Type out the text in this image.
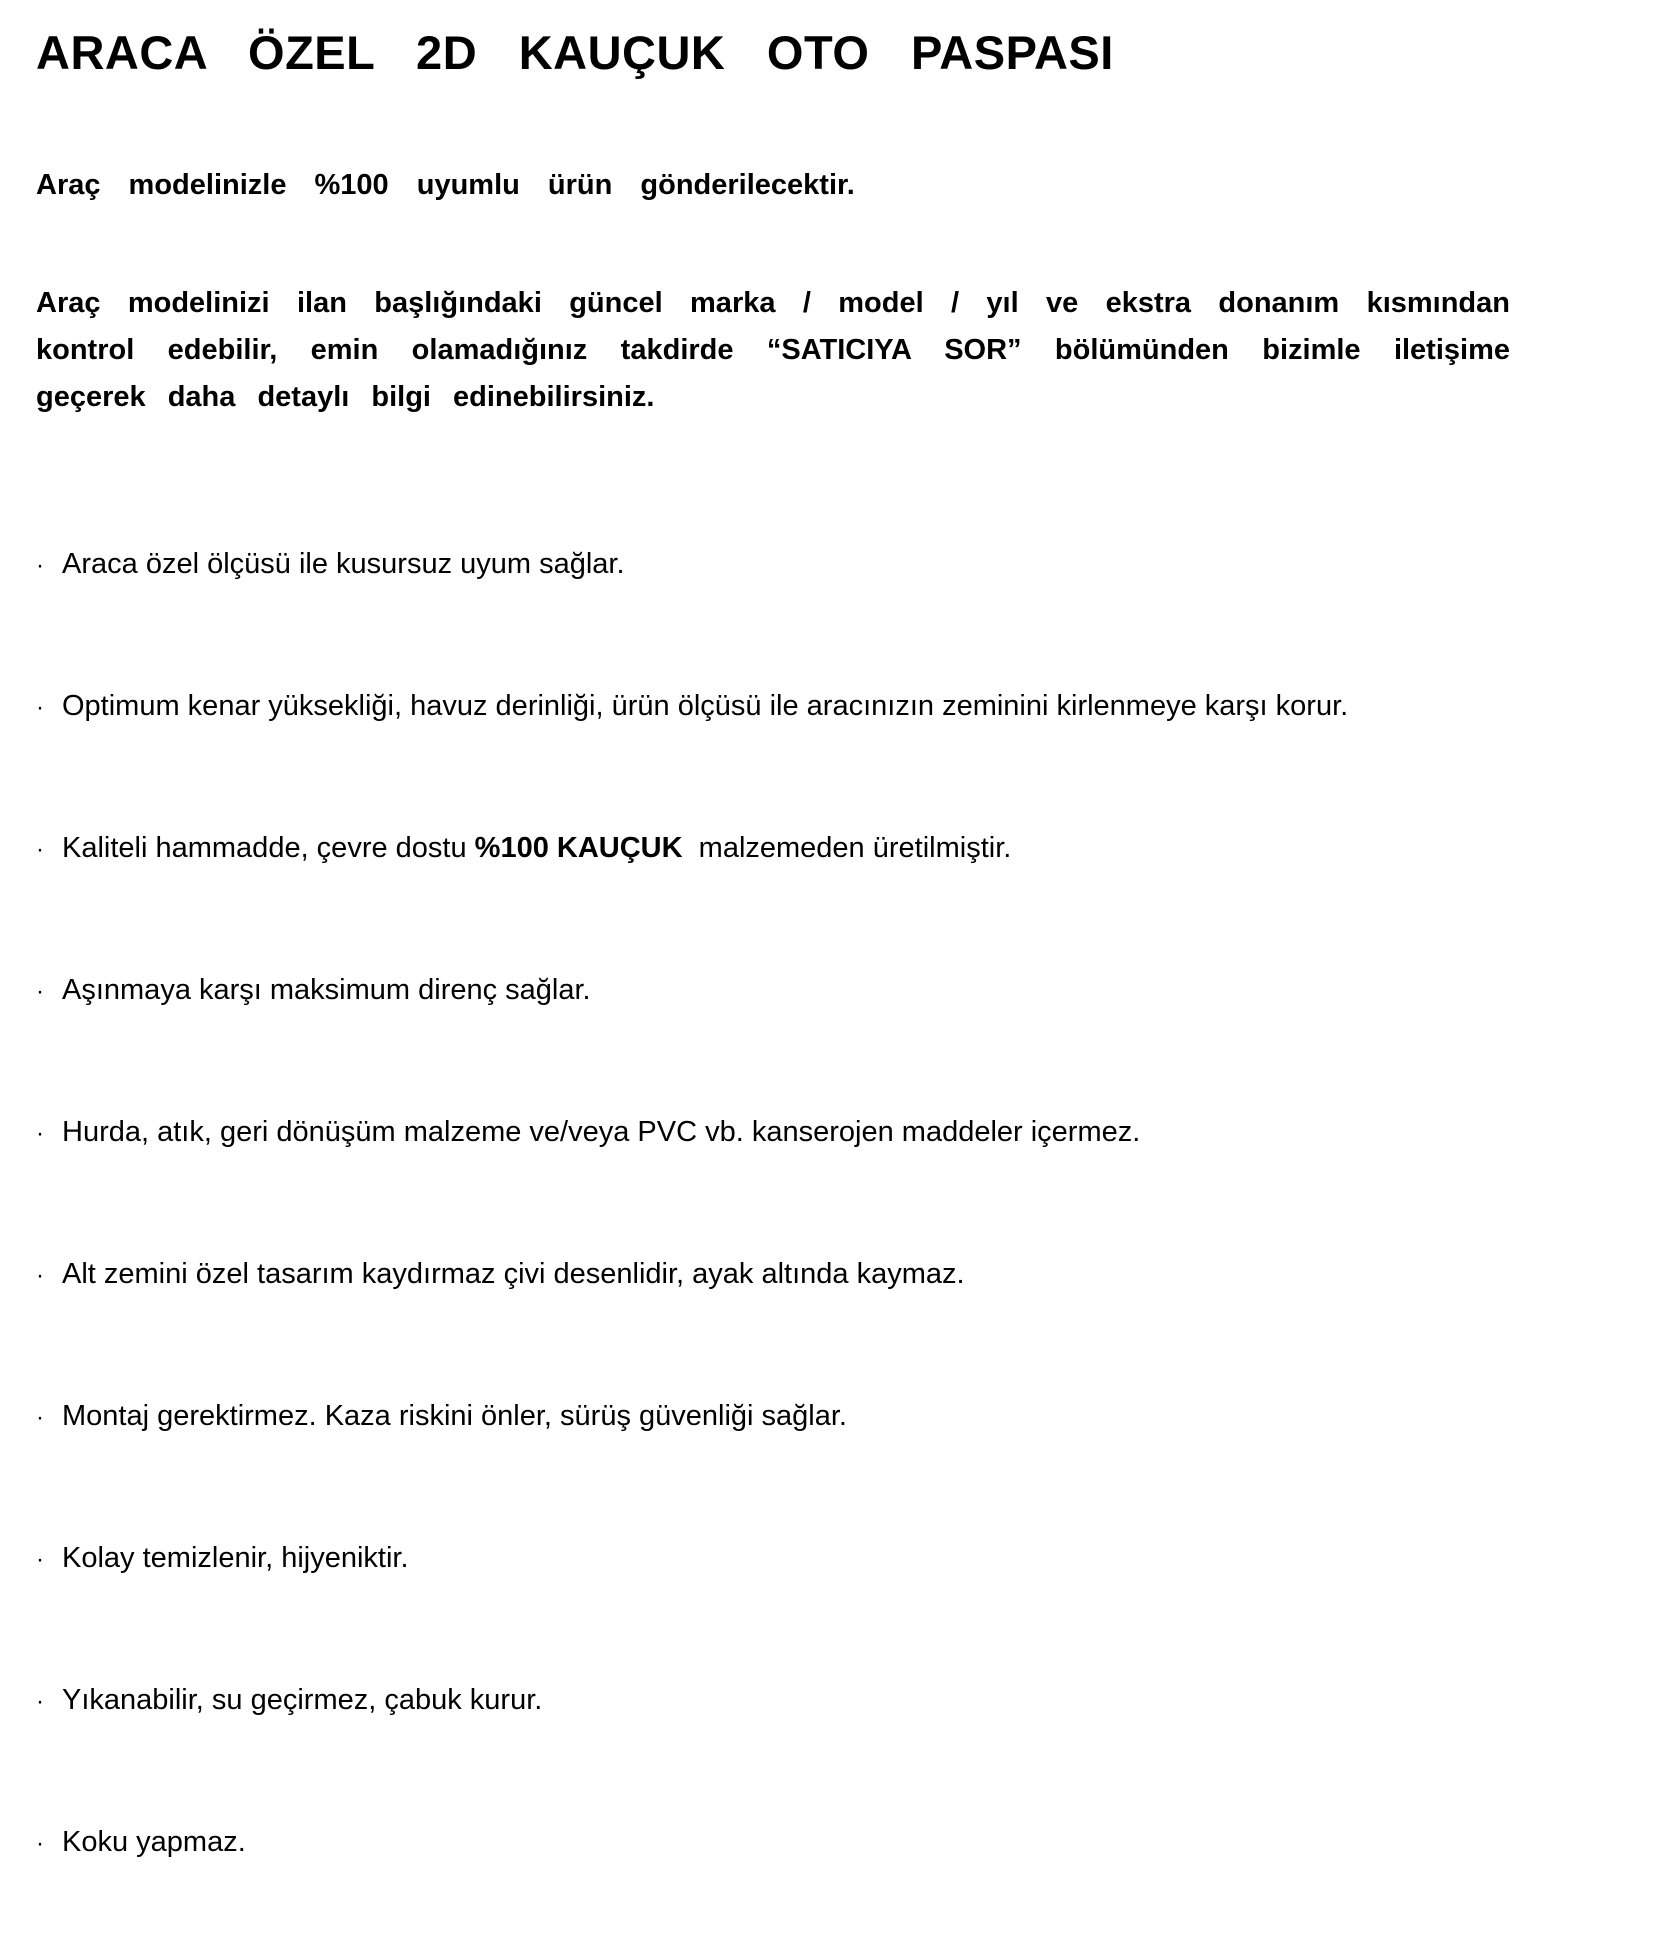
ARACA ÖZEL 2D KAUÇUK OTO PASPASI

Araç modelinizle %100 uyumlu ürün gönderilecektir.

Araç modelinizi ilan başlığındaki güncel marka / model / yıl ve ekstra donanım kısmından
kontrol edebilir, emin olamadığınız takdirde “SATICIYA SOR” bölümünden bizimle iletişime
geçerek daha detaylı bilgi edinebilirsiniz.

· Araca özel ölçüsü ile kusursuz uyum sağlar.
· Optimum kenar yüksekliği, havuz derinliği, ürün ölçüsü ile aracınızın zeminini kirlenmeye karşı korur.
· Kaliteli hammadde, çevre dostu %100 KAUÇUK  malzemeden üretilmiştir.
· Aşınmaya karşı maksimum direnç sağlar.
· Hurda, atık, geri dönüşüm malzeme ve/veya PVC vb. kanserojen maddeler içermez.
· Alt zemini özel tasarım kaydırmaz çivi desenlidir, ayak altında kaymaz.
· Montaj gerektirmez. Kaza riskini önler, sürüş güvenliği sağlar.
· Kolay temizlenir, hijyeniktir.
· Yıkanabilir, su geçirmez, çabuk kurur.
· Koku yapmaz.
